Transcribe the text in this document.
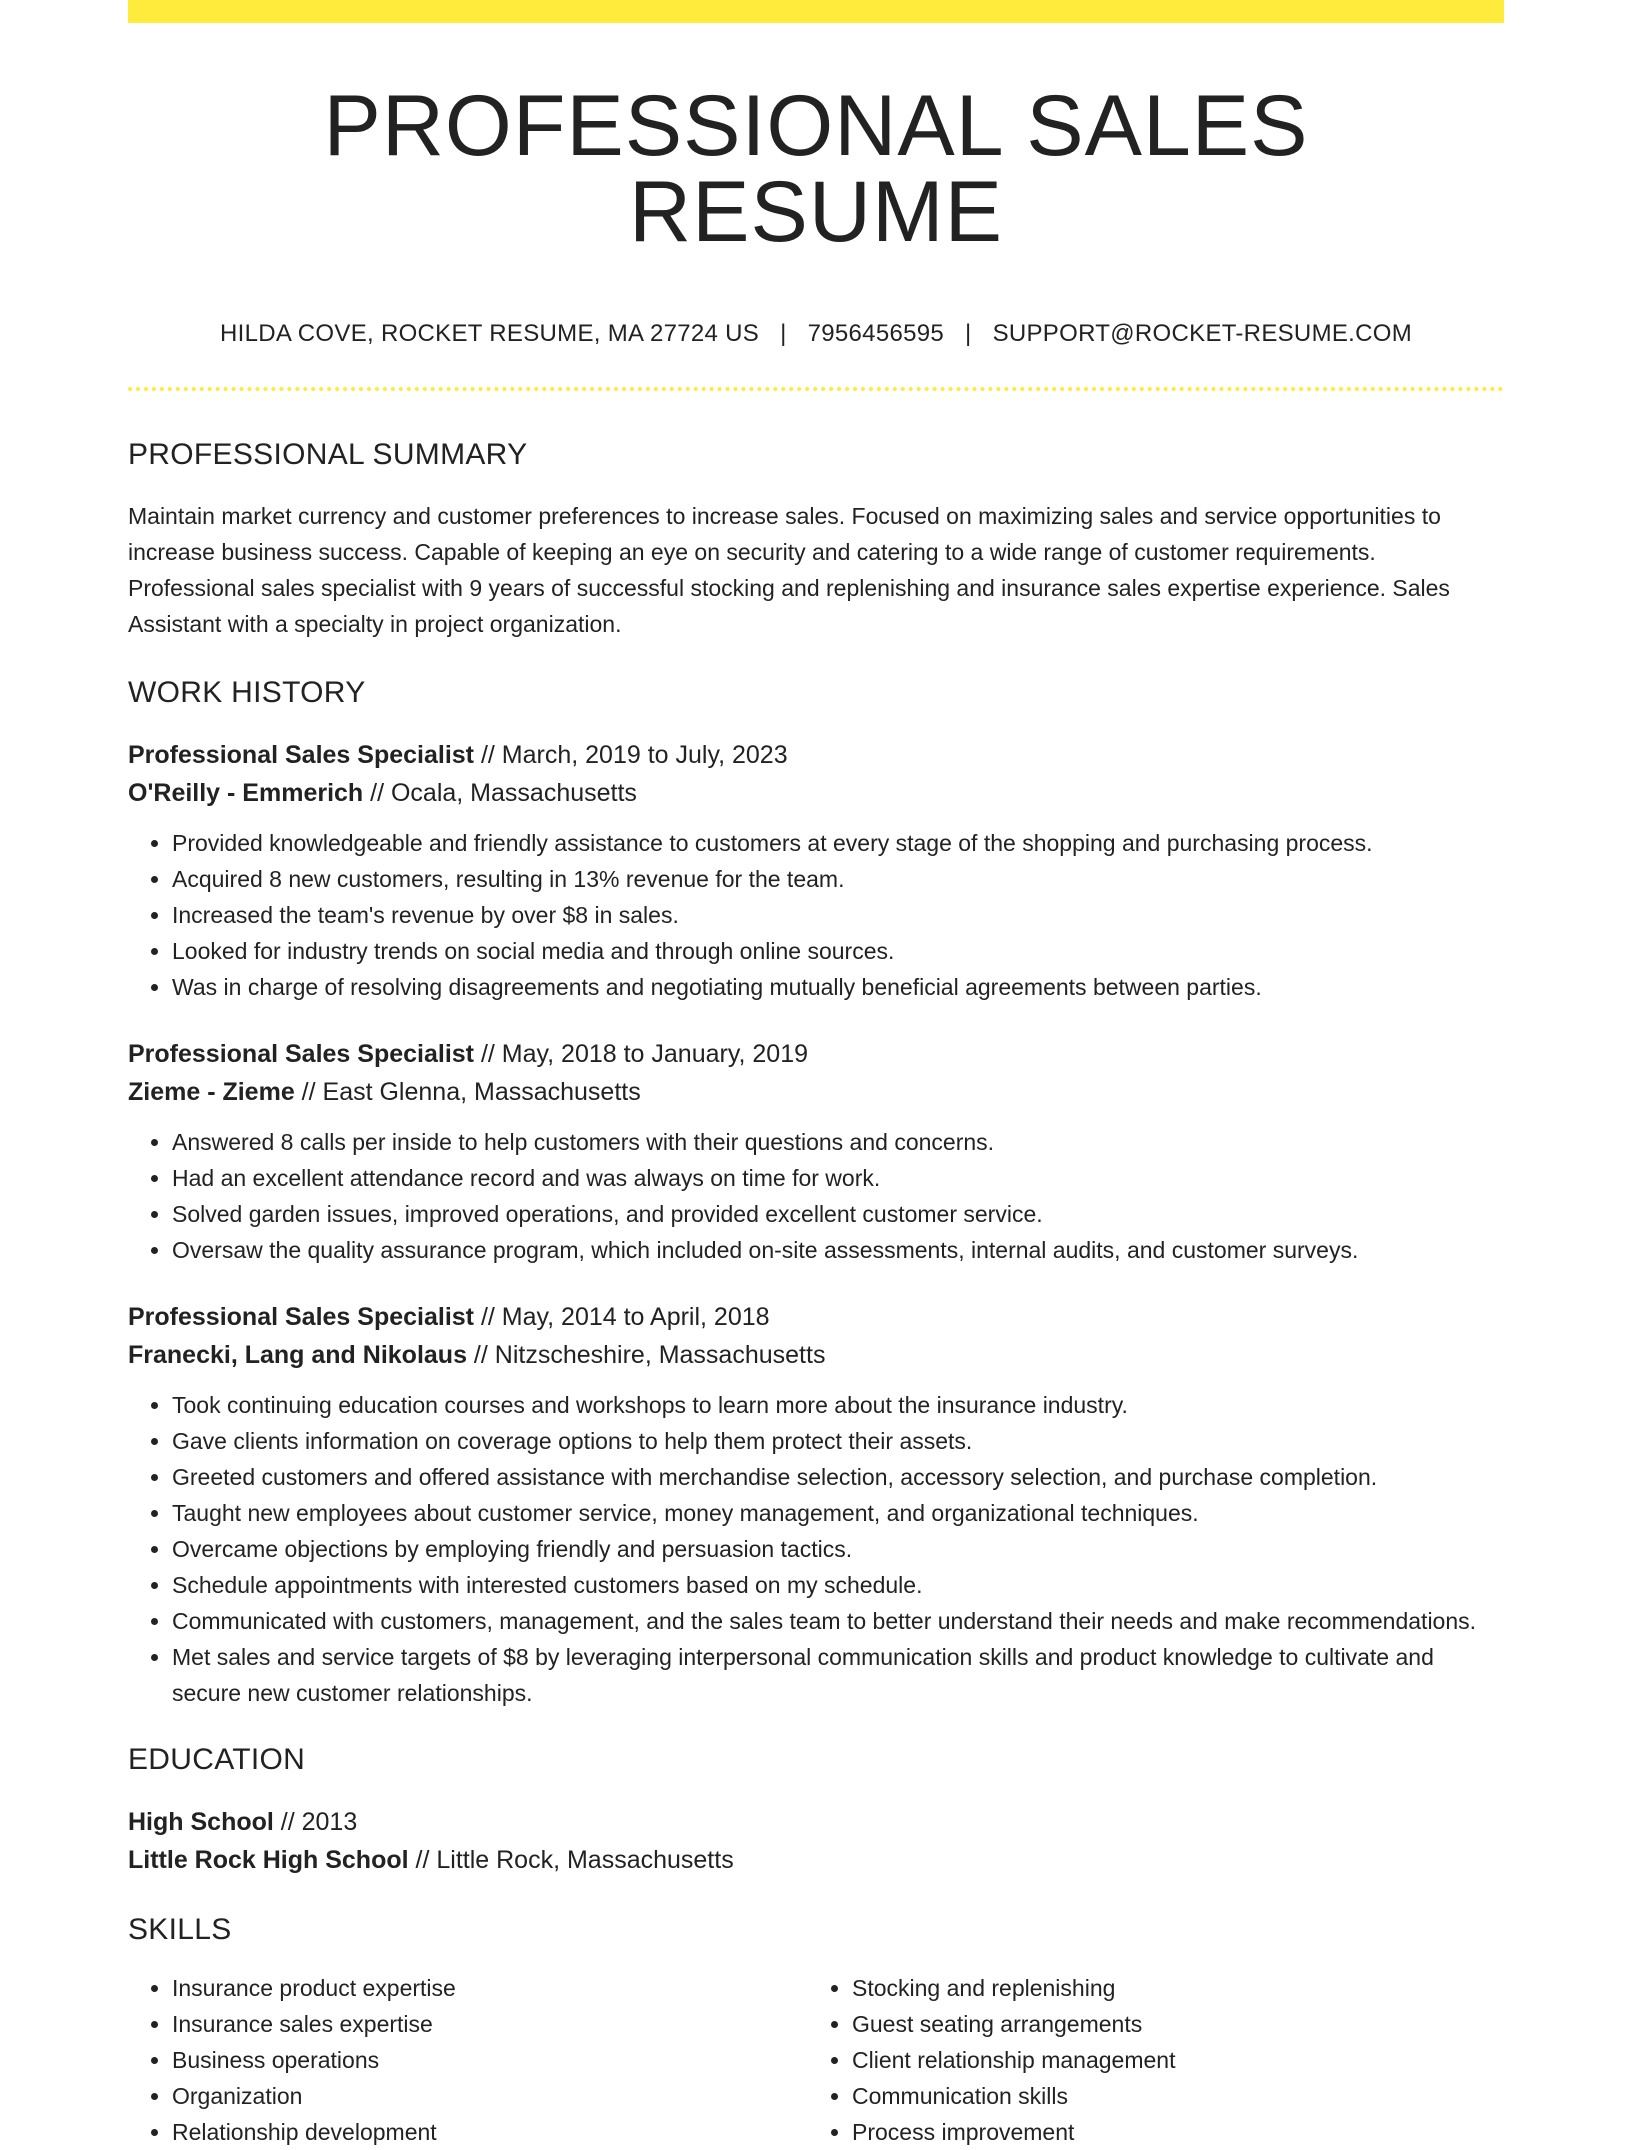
PROFESSIONAL SALES RESUME
HILDA COVE, ROCKET RESUME, MA 27724 US | 7956456595 | SUPPORT@ROCKET-RESUME.COM
PROFESSIONAL SUMMARY
Maintain market currency and customer preferences to increase sales. Focused on maximizing sales and service opportunities to increase business success. Capable of keeping an eye on security and catering to a wide range of customer requirements. Professional sales specialist with 9 years of successful stocking and replenishing and insurance sales expertise experience. Sales Assistant with a specialty in project organization.
WORK HISTORY
Professional Sales Specialist // March, 2019 to July, 2023
O'Reilly - Emmerich // Ocala, Massachusetts
• Provided knowledgeable and friendly assistance to customers at every stage of the shopping and purchasing process.
• Acquired 8 new customers, resulting in 13% revenue for the team.
• Increased the team's revenue by over $8 in sales.
• Looked for industry trends on social media and through online sources.
• Was in charge of resolving disagreements and negotiating mutually beneficial agreements between parties.
Professional Sales Specialist // May, 2018 to January, 2019
Zieme - Zieme // East Glenna, Massachusetts
• Answered 8 calls per inside to help customers with their questions and concerns.
• Had an excellent attendance record and was always on time for work.
• Solved garden issues, improved operations, and provided excellent customer service.
• Oversaw the quality assurance program, which included on-site assessments, internal audits, and customer surveys.
Professional Sales Specialist // May, 2014 to April, 2018
Franecki, Lang and Nikolaus // Nitzscheshire, Massachusetts
• Took continuing education courses and workshops to learn more about the insurance industry.
• Gave clients information on coverage options to help them protect their assets.
• Greeted customers and offered assistance with merchandise selection, accessory selection, and purchase completion.
• Taught new employees about customer service, money management, and organizational techniques.
• Overcame objections by employing friendly and persuasion tactics.
• Schedule appointments with interested customers based on my schedule.
• Communicated with customers, management, and the sales team to better understand their needs and make recommendations.
• Met sales and service targets of $8 by leveraging interpersonal communication skills and product knowledge to cultivate and secure new customer relationships.
EDUCATION
High School // 2013
Little Rock High School // Little Rock, Massachusetts
SKILLS
• Insurance product expertise
• Insurance sales expertise
• Business operations
• Organization
• Relationship development
• Stocking and replenishing
• Guest seating arrangements
• Client relationship management
• Communication skills
• Process improvement
